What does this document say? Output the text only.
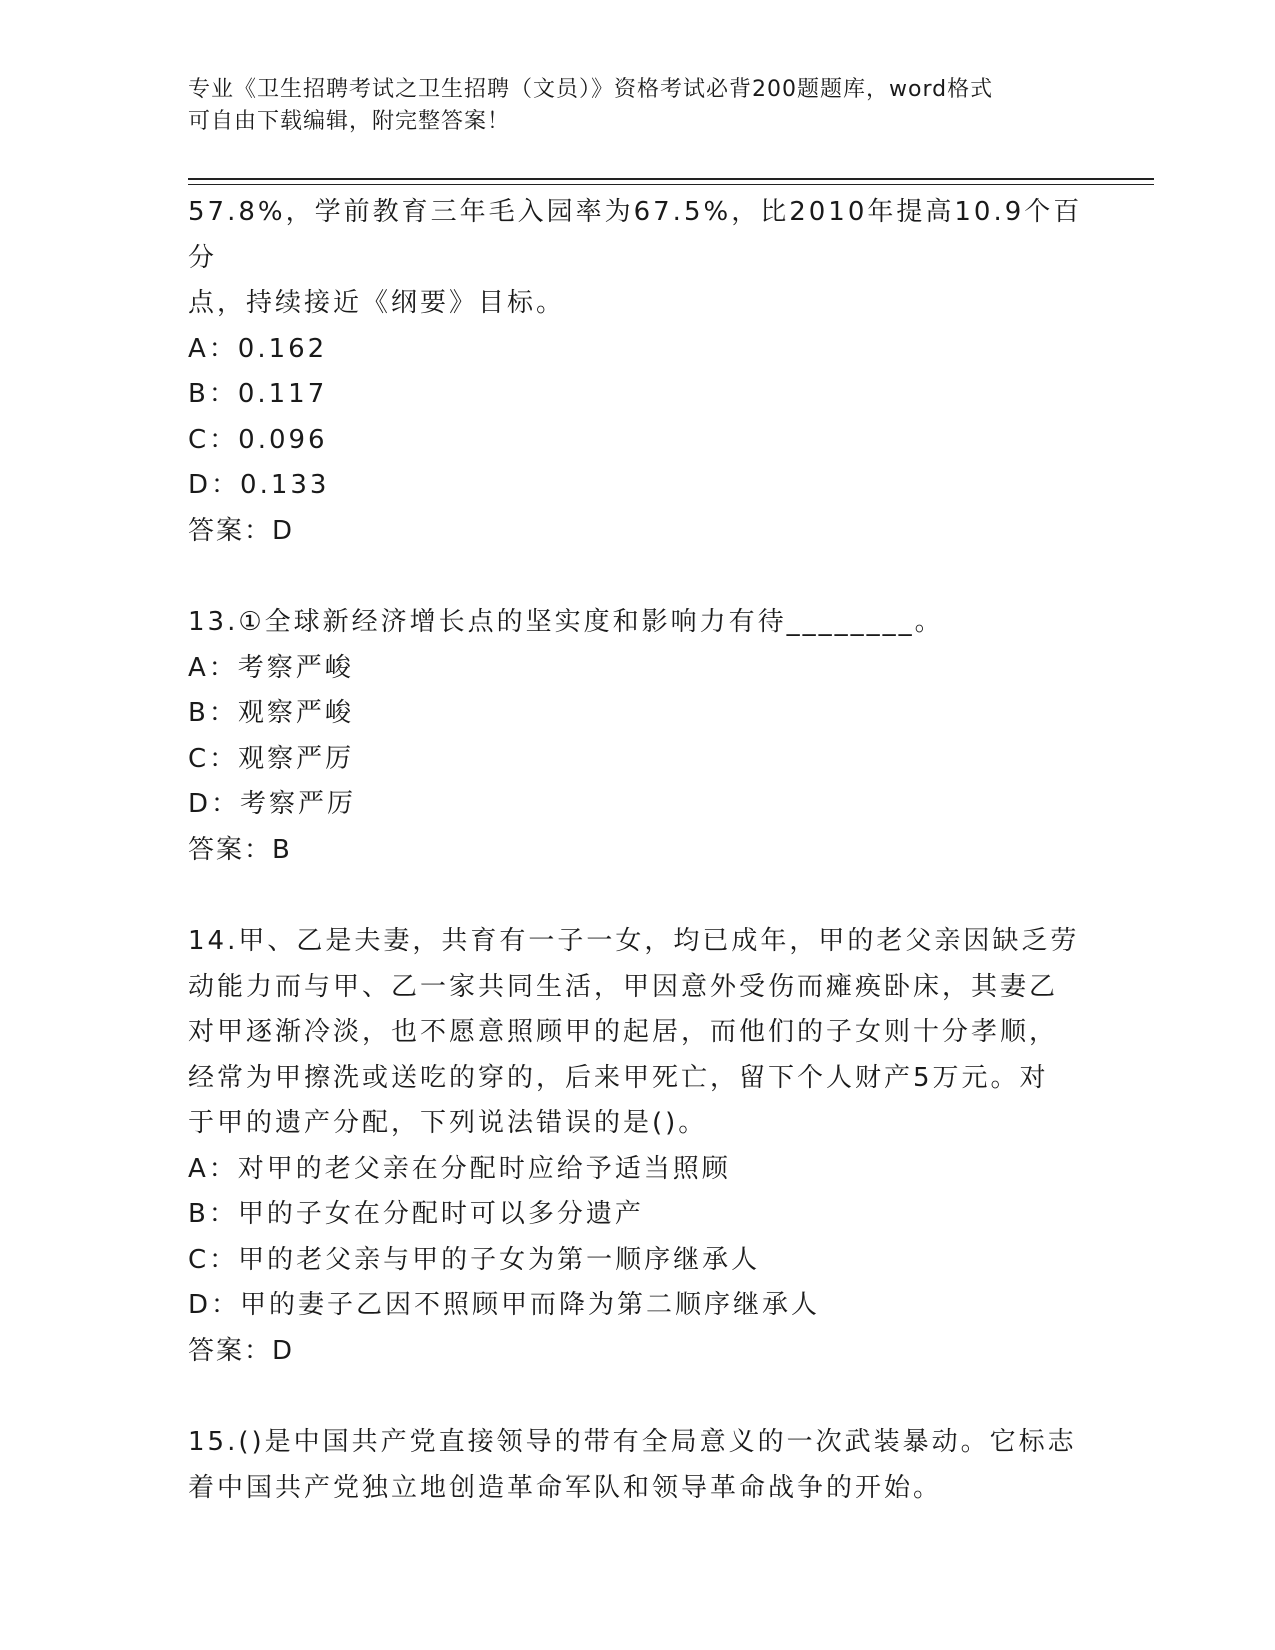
专业《卫生招聘考试之卫生招聘（文员）》资格考试必背200题题库，word格式
可自由下载编辑，附完整答案！
57.8%，学前教育三年毛入园率为67.5%，比2010年提高10.9个百分
点，持续接近《纲要》目标。
A：0.162
B：0.117
C：0.096
D：0.133
答案：D
13.①全球新经济增长点的坚实度和影响力有待________。
A：考察严峻
B：观察严峻
C：观察严厉
D：考察严厉
答案：B
14.甲、乙是夫妻，共育有一子一女，均已成年，甲的老父亲因缺乏劳
动能力而与甲、乙一家共同生活，甲因意外受伤而瘫痪卧床，其妻乙
对甲逐渐冷淡，也不愿意照顾甲的起居，而他们的子女则十分孝顺，
经常为甲擦洗或送吃的穿的，后来甲死亡，留下个人财产5万元。对
于甲的遗产分配，下列说法错误的是()。
A：对甲的老父亲在分配时应给予适当照顾
B：甲的子女在分配时可以多分遗产
C：甲的老父亲与甲的子女为第一顺序继承人
D：甲的妻子乙因不照顾甲而降为第二顺序继承人
答案：D
15.()是中国共产党直接领导的带有全局意义的一次武装暴动。它标志
着中国共产党独立地创造革命军队和领导革命战争的开始。
